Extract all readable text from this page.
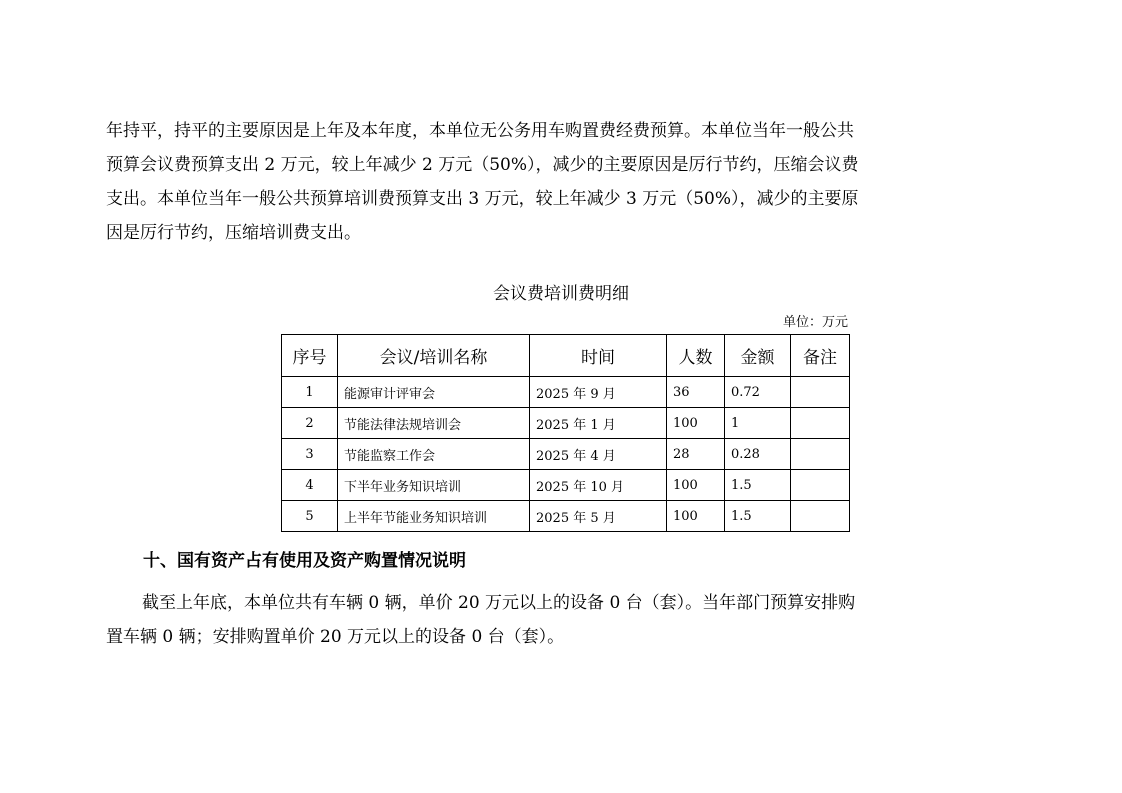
年持平，持平的主要原因是上年及本年度，本单位无公务用车购置费经费预算。本单位当年一般公共
预算会议费预算支出 2 万元，较上年减少 2 万元（50%），减少的主要原因是厉行节约，压缩会议费
支出。本单位当年一般公共预算培训费预算支出 3 万元，较上年减少 3 万元（50%），减少的主要原
因是厉行节约，压缩培训费支出。
会议费培训费明细
单位：万元
序号	会议/培训名称	时间	人数	金额	备注
1	能源审计评审会	2025 年 9 月	36	0.72	
2	节能法律法规培训会	2025 年 1 月	100	1	
3	节能监察工作会	2025 年 4 月	28	0.28	
4	下半年业务知识培训	2025 年 10 月	100	1.5	
5	上半年节能业务知识培训	2025 年 5 月	100	1.5	
十、国有资产占有使用及资产购置情况说明
截至上年底，本单位共有车辆 0 辆，单价 20 万元以上的设备 0 台（套）。当年部门预算安排购
置车辆 0 辆；安排购置单价 20 万元以上的设备 0 台（套）。
